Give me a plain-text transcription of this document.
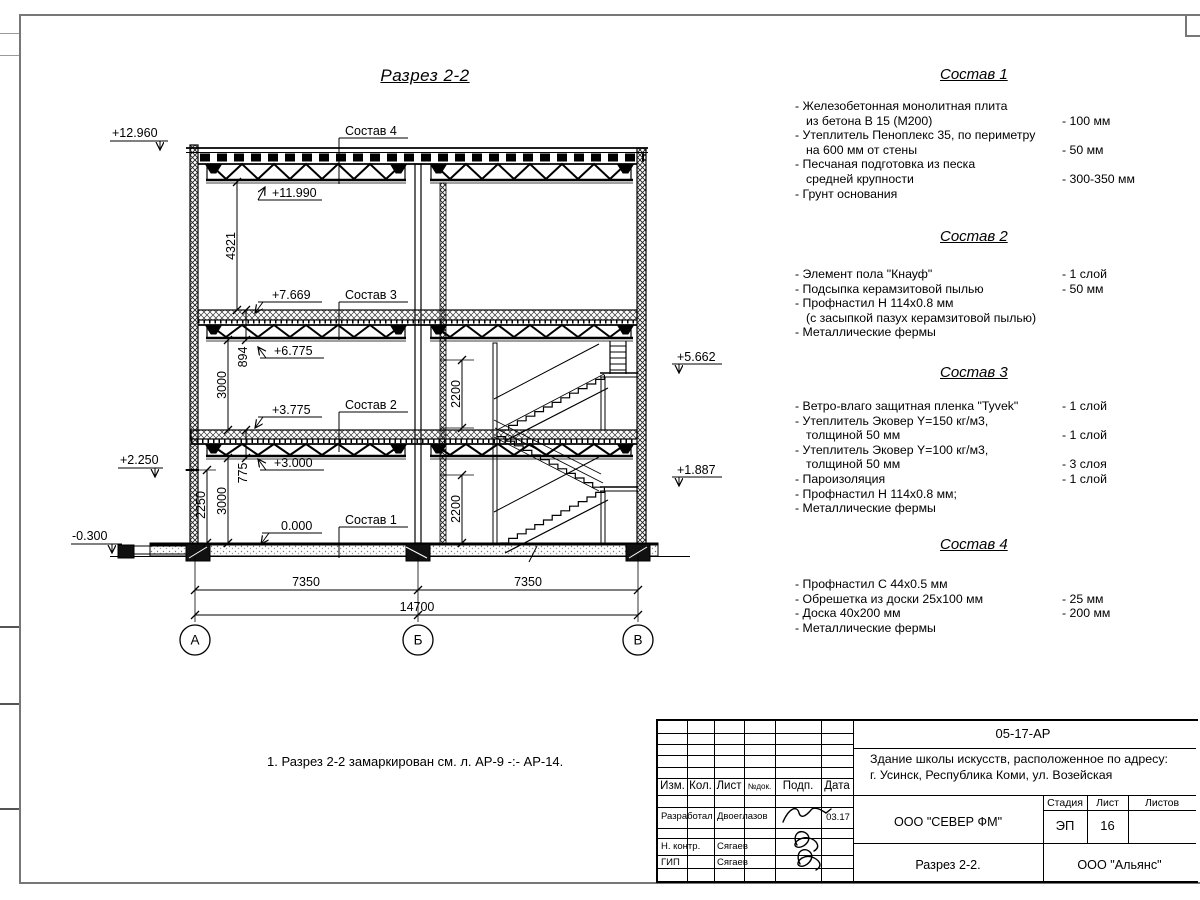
Разрез 2-2
+12.960
+11.990
+7.669
+6.775
+3.775
+3.000
+2.250
0.000
-0.300
+5.662
+1.887
4321
894
3000
775
3000
2250
2200
2200
7350	7350
14700
Состав 4
Состав 3
Состав 2
Состав 1
А	Б	В
Состав 1
- Железобетонная монолитная плита
из бетона В 15 (М200)	- 100 мм
- Утеплитель Пеноплекс 35, по периметру
на 600 мм от стены	- 50 мм
- Песчаная подготовка из песка
средней крупности	- 300-350 мм
- Грунт основания
Состав 2
- Элемент пола "Кнауф"	- 1 слой
- Подсыпка керамзитовой пылью	- 50 мм
- Профнастил Н 114х0.8 мм
(с засыпкой пазух керамзитовой пылью)
- Металлические фермы
Состав 3
- Ветро-влаго защитная пленка "Tyvek"	- 1 слой
- Утеплитель Эковер Y=150 кг/м3,
толщиной 50 мм	- 1 слой
- Утеплитель Эковер Y=100 кг/м3,
толщиной 50 мм	- 3 слоя
- Пароизоляция	- 1 слой
- Профнастил Н 114х0.8 мм;
- Металлические фермы
Состав 4
- Профнастил С 44х0.5 мм
- Обрешетка из доски 25х100 мм	- 25 мм
- Доска 40х200 мм	- 200 мм
- Металлические фермы
1. Разрез 2-2 замаркирован см. л. АР-9 -:- АР-14.
Изм. Кол. Лист №док.	Подп. Дата
Разработал Двоеглазов	03.17
Н. контр. Сягаев
ГИП	Сягаев
05-17-АР
Здание школы искусств, расположенное по адресу:
г. Усинск, Республика Коми, ул. Возейская
ООО "СЕВЕР ФМ"
Стадия	Лист	Листов
ЭП	16
Разрез 2-2.	ООО "Альянс"
